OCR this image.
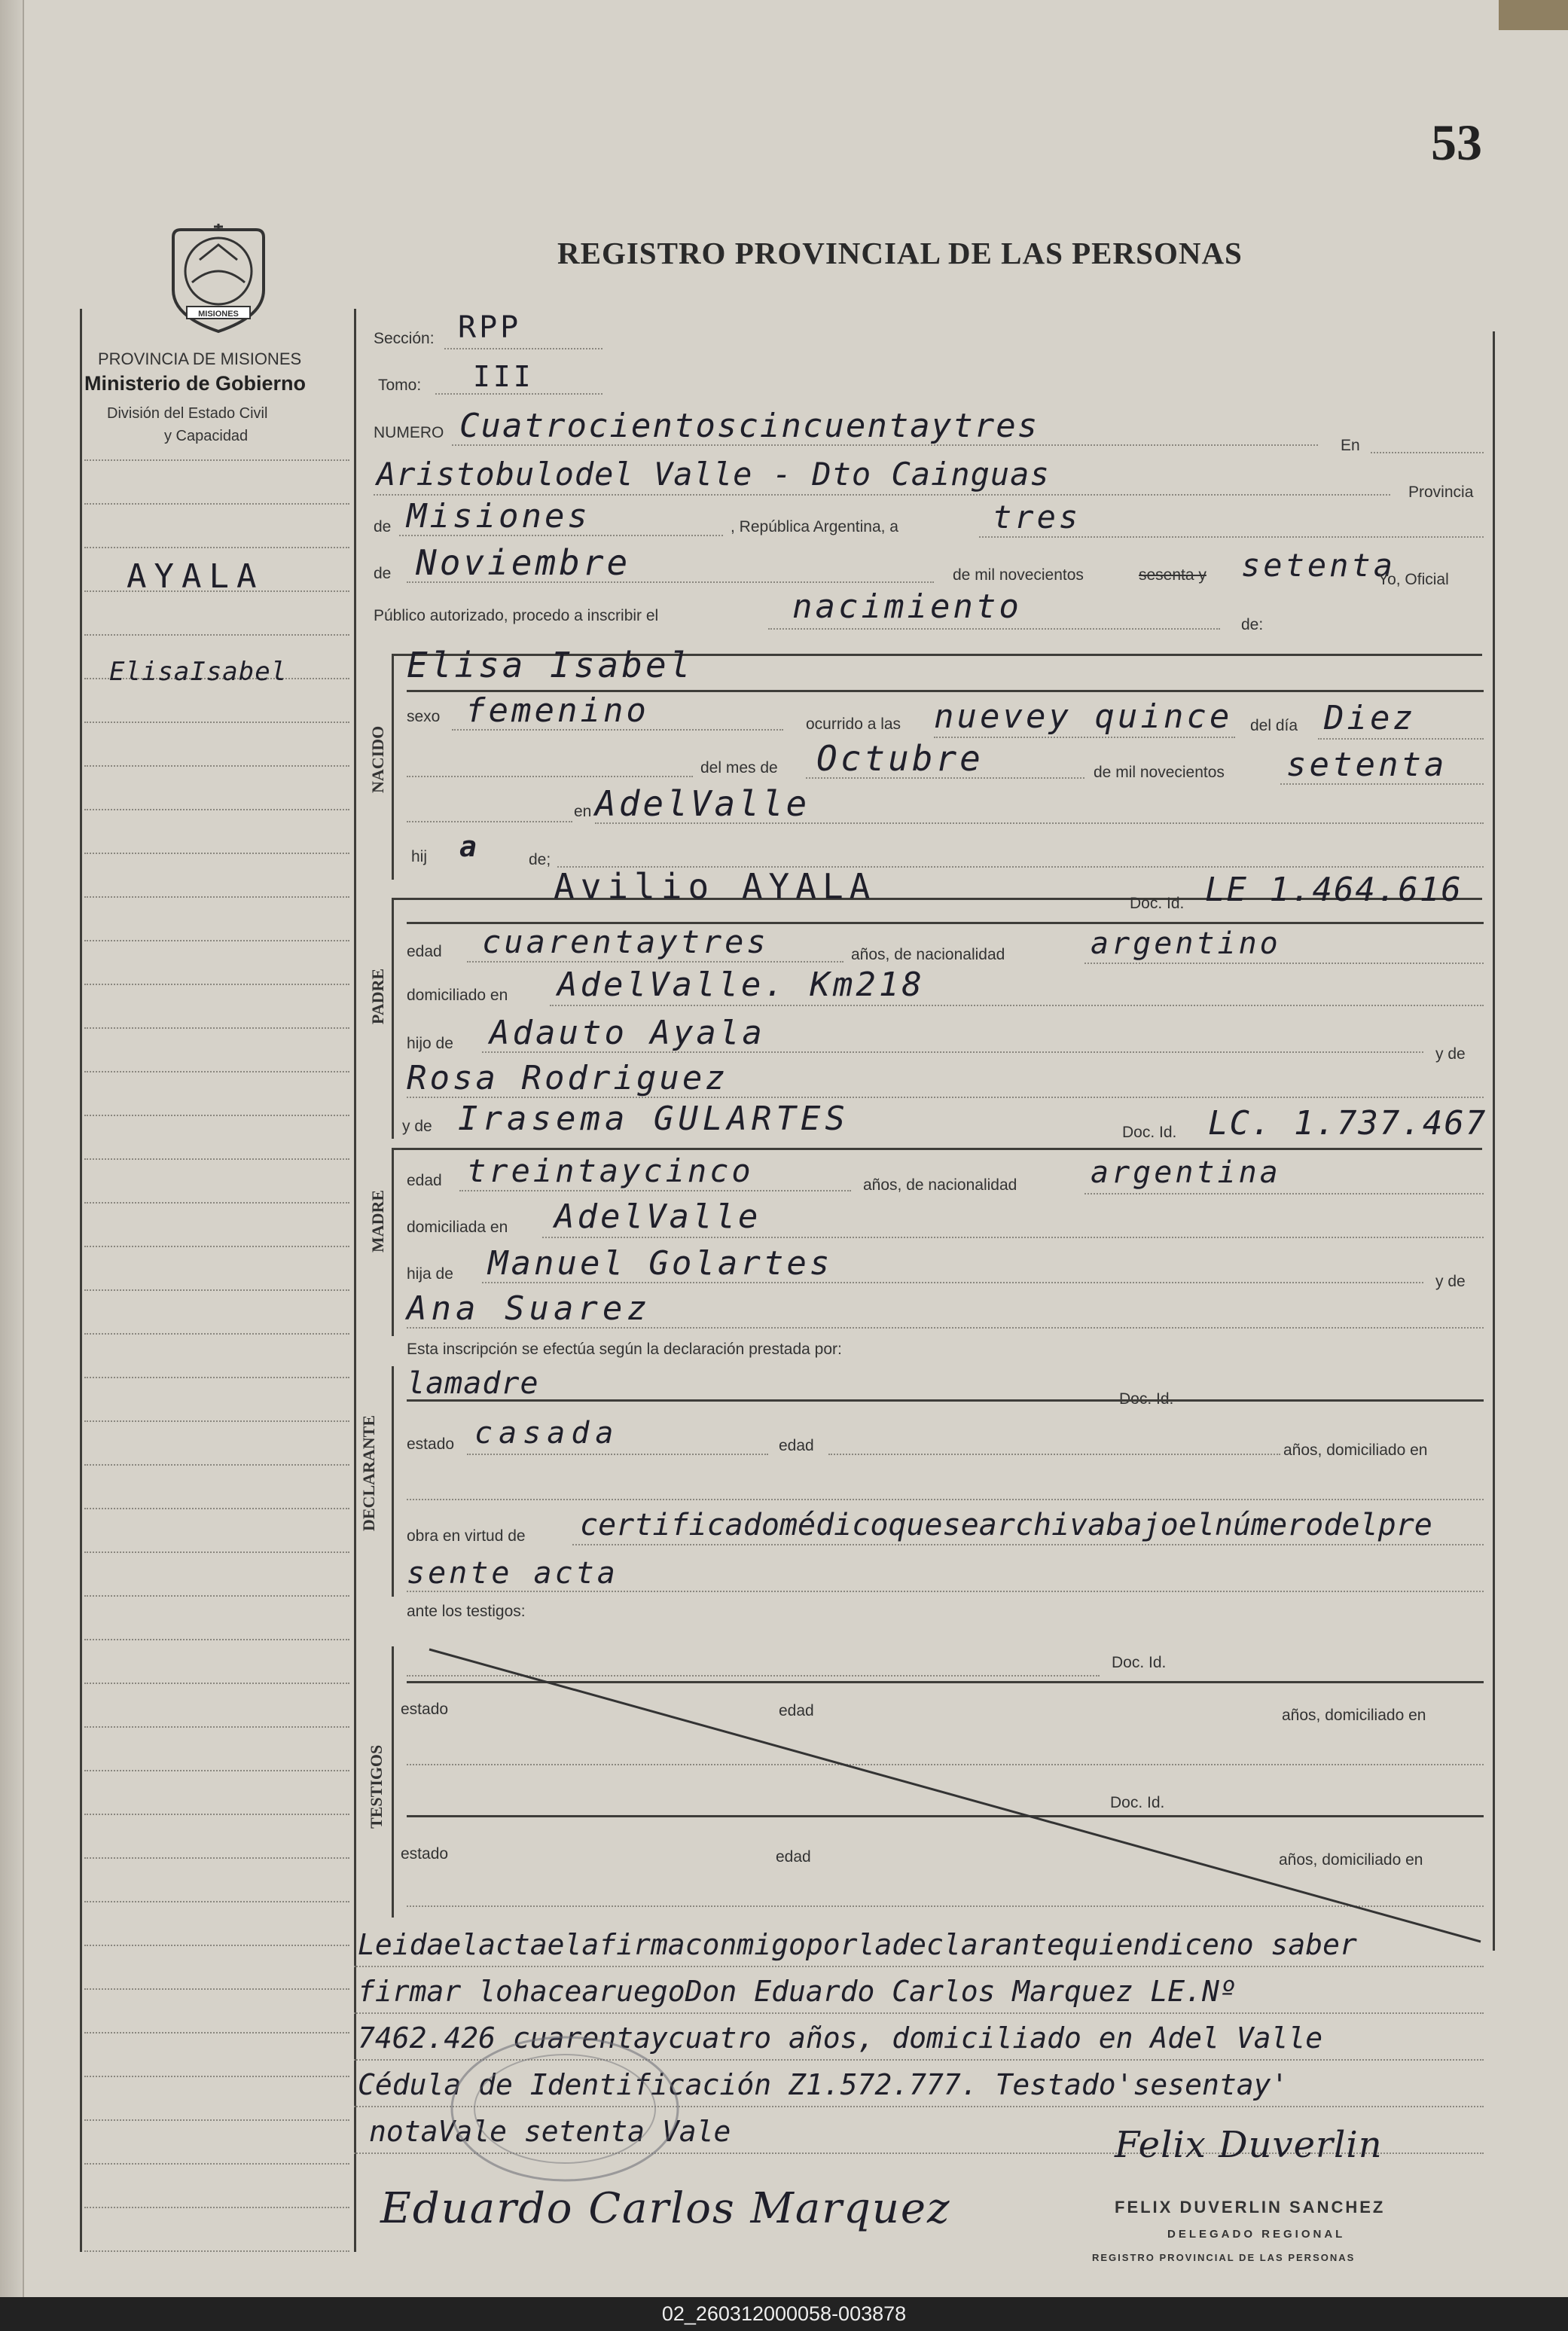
53
REGISTRO PROVINCIAL DE LAS PERSONAS
MISIONES
PROVINCIA DE MISIONES
Ministerio de Gobierno
División del Estado Civil
y Capacidad
AYALA
ElisaIsabel
Sección: RPP
Tomo: III
NUMERO Cuatrocientoscincuentaytres
En
Aristobulodel Valle - Dto Cainguas	Provincia
de Misiones	, República Argentina, a	tres
de Noviembre	de mil novecientos	sesenta y setenta
Yo, Oficial
Público autorizado, procedo a inscribir el	nacimiento	de:
NACIDO
Elisa Isabel
sexo femenino	ocurrido a las nuevey quince del día Diez
del mes de Octubre	de mil novecientos setenta
en AdelValle
hij a	de;
PADRE
Avilio AYALA	Doc. Id. LE 1.464.616
edad cuarentaytres	años, de nacionalidad	argentino
domiciliado en AdelValle. Km218
hijo de Adauto Ayala
y de
Rosa Rodriguez
y de Irasema GULARTES	Doc. Id. LC. 1.737.467
MADRE
edad treintaycinco	años, de nacionalidad argentina
domiciliada en AdelValle
hija de Manuel Golartes	y de
Ana Suarez
Esta inscripción se efectúa según la declaración prestada por:
DECLARANTE
lamadre	Doc. Id.
estado casada	edad	años, domiciliado en
obra en virtud de certificadomédicoquesearchivabajoelnúmerodelpre
sente acta
ante los testigos:
TESTIGOS
Doc. Id.
estado	edad	años, domiciliado en
Doc. Id.
estado	edad	años, domiciliado en
Leidaelactaelafirmaconmigoporladeclarantequiendiceno saber
firmar lohacearuegoDon Eduardo Carlos Marquez LE.Nº
7462.426 cuarentaycuatro años, domiciliado en Adel Valle
Cédula de Identificación Z1.572.777. Testado'sesentay'
notaVale setenta Vale
Eduardo Carlos Marquez
Felix Duverlin
FELIX DUVERLIN SANCHEZ
DELEGADO REGIONAL
REGISTRO PROVINCIAL DE LAS PERSONAS
02_260312000058-003878
